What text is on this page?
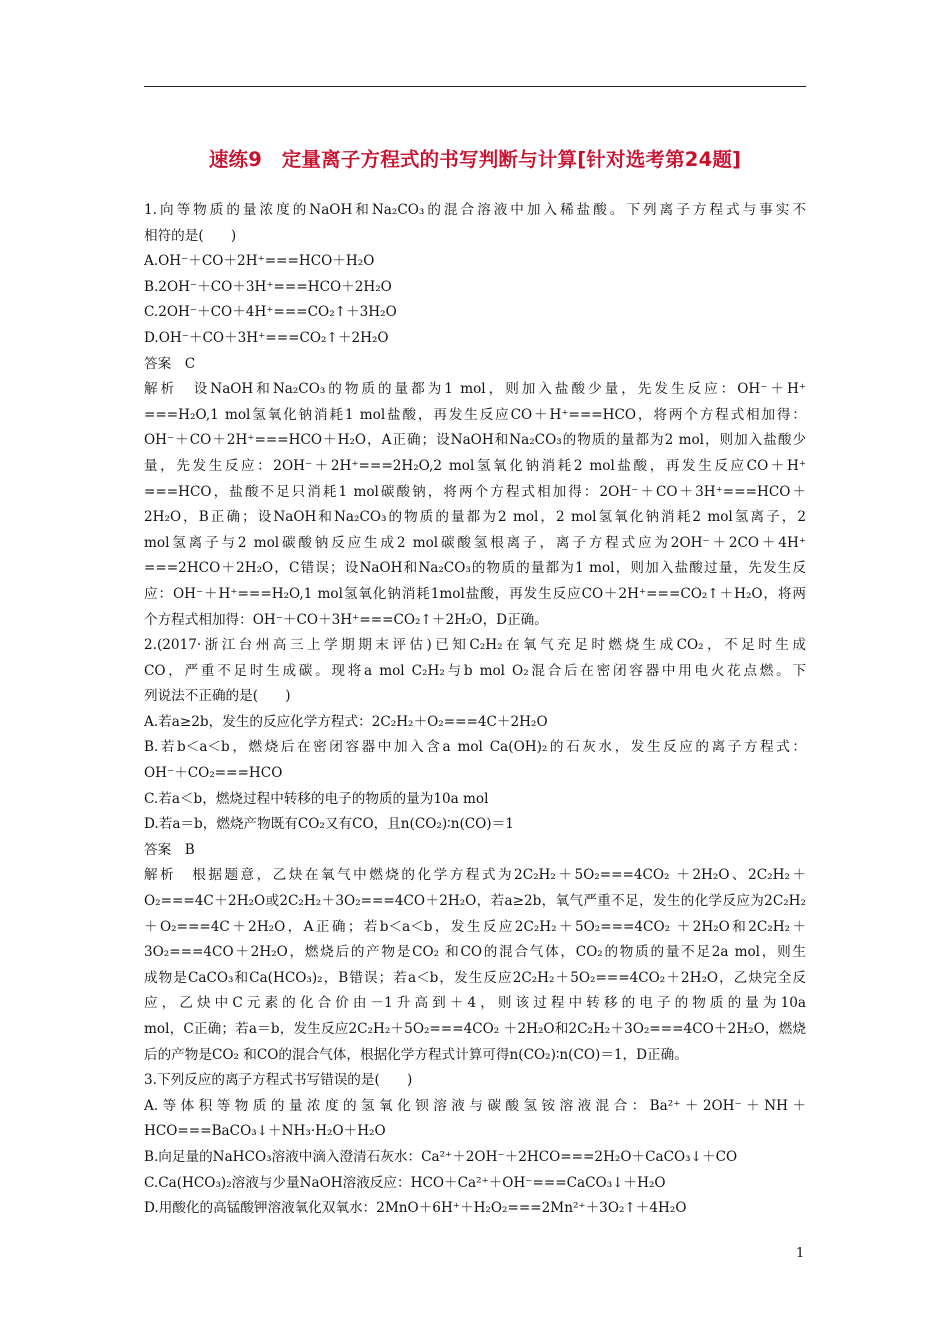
速练9　定量离子方程式的书写判断与计算[针对选考第24题]
1.向等物质的量浓度的NaOH和Na₂CO₃的混合溶液中加入稀盐酸。下列离子方程式与事实不
相符的是(　　)
A.OH⁻＋CO＋2H⁺===HCO＋H₂O
B.2OH⁻＋CO＋3H⁺===HCO＋2H₂O
C.2OH⁻＋CO＋4H⁺===CO₂↑＋3H₂O
D.OH⁻＋CO＋3H⁺===CO₂↑＋2H₂O
答案　C
解析　设NaOH和Na₂CO₃的物质的量都为1 mol，则加入盐酸少量，先发生反应：OH⁻＋H⁺
===H₂O,1 mol氢氧化钠消耗1 mol盐酸，再发生反应CO＋H⁺===HCO，将两个方程式相加得：
OH⁻＋CO＋2H⁺===HCO＋H₂O，A正确；设NaOH和Na₂CO₃的物质的量都为2 mol，则加入盐酸少
量，先发生反应：2OH⁻＋2H⁺===2H₂O,2 mol氢氧化钠消耗2 mol盐酸，再发生反应CO＋H⁺
===HCO，盐酸不足只消耗1 mol碳酸钠，将两个方程式相加得：2OH⁻＋CO＋3H⁺===HCO＋
2H₂O，B正确；设NaOH和Na₂CO₃的物质的量都为2 mol，2 mol氢氧化钠消耗2 mol氢离子，2
mol氢离子与2 mol碳酸钠反应生成2 mol碳酸氢根离子，离子方程式应为2OH⁻＋2CO＋4H⁺
===2HCO＋2H₂O，C错误；设NaOH和Na₂CO₃的物质的量都为1 mol，则加入盐酸过量，先发生反
应：OH⁻＋H⁺===H₂O,1 mol氢氧化钠消耗1mol盐酸，再发生反应CO＋2H⁺===CO₂↑＋H₂O，将两
个方程式相加得：OH⁻＋CO＋3H⁺===CO₂↑＋2H₂O，D正确。
2.(2017·浙江台州高三上学期期末评估)已知C₂H₂在氧气充足时燃烧生成CO₂，不足时生成
CO，严重不足时生成碳。现将a mol C₂H₂与b mol O₂混合后在密闭容器中用电火花点燃。下
列说法不正确的是(　　)
A.若a≥2b，发生的反应化学方程式：2C₂H₂＋O₂===4C＋2H₂O
B.若b＜a＜b，燃烧后在密闭容器中加入含a mol Ca(OH)₂的石灰水，发生反应的离子方程式：
OH⁻＋CO₂===HCO
C.若a＜b，燃烧过程中转移的电子的物质的量为10a mol
D.若a＝b，燃烧产物既有CO₂又有CO，且n(CO₂)∶n(CO)＝1
答案　B
解析　根据题意，乙炔在氧气中燃烧的化学方程式为2C₂H₂＋5O₂===4CO₂ ＋2H₂O、2C₂H₂＋
O₂===4C＋2H₂O或2C₂H₂＋3O₂===4CO＋2H₂O，若a≥2b，氧气严重不足，发生的化学反应为2C₂H₂
＋O₂===4C＋2H₂O，A正确；若b＜a＜b，发生反应2C₂H₂＋5O₂===4CO₂ ＋2H₂O和2C₂H₂＋
3O₂===4CO＋2H₂O，燃烧后的产物是CO₂ 和CO的混合气体，CO₂的物质的量不足2a mol，则生
成物是CaCO₃和Ca(HCO₃)₂，B错误；若a＜b，发生反应2C₂H₂＋5O₂===4CO₂＋2H₂O，乙炔完全反
应，乙炔中C元素的化合价由－1升高到＋4，则该过程中转移的电子的物质的量为10a
mol，C正确；若a＝b，发生反应2C₂H₂＋5O₂===4CO₂ ＋2H₂O和2C₂H₂＋3O₂===4CO＋2H₂O，燃烧
后的产物是CO₂ 和CO的混合气体，根据化学方程式计算可得n(CO₂)∶n(CO)＝1，D正确。
3.下列反应的离子方程式书写错误的是(　　)
A.等体积等物质的量浓度的氢氧化钡溶液与碳酸氢铵溶液混合：Ba²⁺＋2OH⁻＋NH＋
HCO===BaCO₃↓＋NH₃·H₂O＋H₂O
B.向足量的NaHCO₃溶液中滴入澄清石灰水：Ca²⁺＋2OH⁻＋2HCO===2H₂O＋CaCO₃↓＋CO
C.Ca(HCO₃)₂溶液与少量NaOH溶液反应：HCO＋Ca²⁺＋OH⁻===CaCO₃↓＋H₂O
D.用酸化的高锰酸钾溶液氧化双氧水：2MnO＋6H⁺＋H₂O₂===2Mn²⁺＋3O₂↑＋4H₂O
1
